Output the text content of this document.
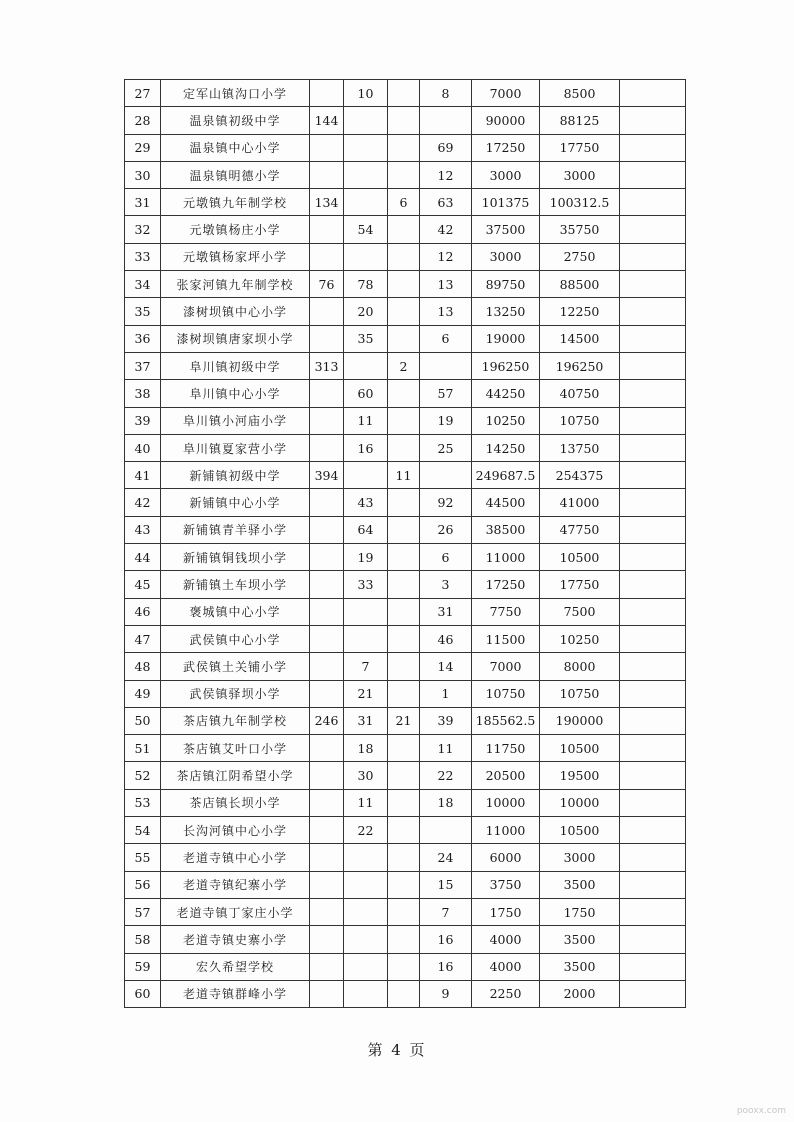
27	定军山镇沟口小学		10		8	7000	8500	
28	温泉镇初级中学	144				90000	88125	
29	温泉镇中心小学				69	17250	17750	
30	温泉镇明德小学				12	3000	3000	
31	元墩镇九年制学校	134		6	63	101375	100312.5	
32	元墩镇杨庄小学		54		42	37500	35750	
33	元墩镇杨家坪小学				12	3000	2750	
34	张家河镇九年制学校	76	78		13	89750	88500	
35	漆树坝镇中心小学		20		13	13250	12250	
36	漆树坝镇唐家坝小学		35		6	19000	14500	
37	阜川镇初级中学	313		2		196250	196250	
38	阜川镇中心小学		60		57	44250	40750	
39	阜川镇小河庙小学		11		19	10250	10750	
40	阜川镇夏家营小学		16		25	14250	13750	
41	新铺镇初级中学	394		11		249687.5	254375	
42	新铺镇中心小学		43		92	44500	41000	
43	新铺镇青羊驿小学		64		26	38500	47750	
44	新铺镇铜钱坝小学		19		6	11000	10500	
45	新铺镇土车坝小学		33		3	17250	17750	
46	褒城镇中心小学				31	7750	7500	
47	武侯镇中心小学				46	11500	10250	
48	武侯镇土关铺小学		7		14	7000	8000	
49	武侯镇驿坝小学		21		1	10750	10750	
50	茶店镇九年制学校	246	31	21	39	185562.5	190000	
51	茶店镇艾叶口小学		18		11	11750	10500	
52	茶店镇江阴希望小学		30		22	20500	19500	
53	茶店镇长坝小学		11		18	10000	10000	
54	长沟河镇中心小学		22			11000	10500	
55	老道寺镇中心小学				24	6000	3000	
56	老道寺镇纪寨小学				15	3750	3500	
57	老道寺镇丁家庄小学				7	1750	1750	
58	老道寺镇史寨小学				16	4000	3500	
59	宏久希望学校				16	4000	3500	
60	老道寺镇群峰小学				9	2250	2000	
第 4 页
pooxx.com
